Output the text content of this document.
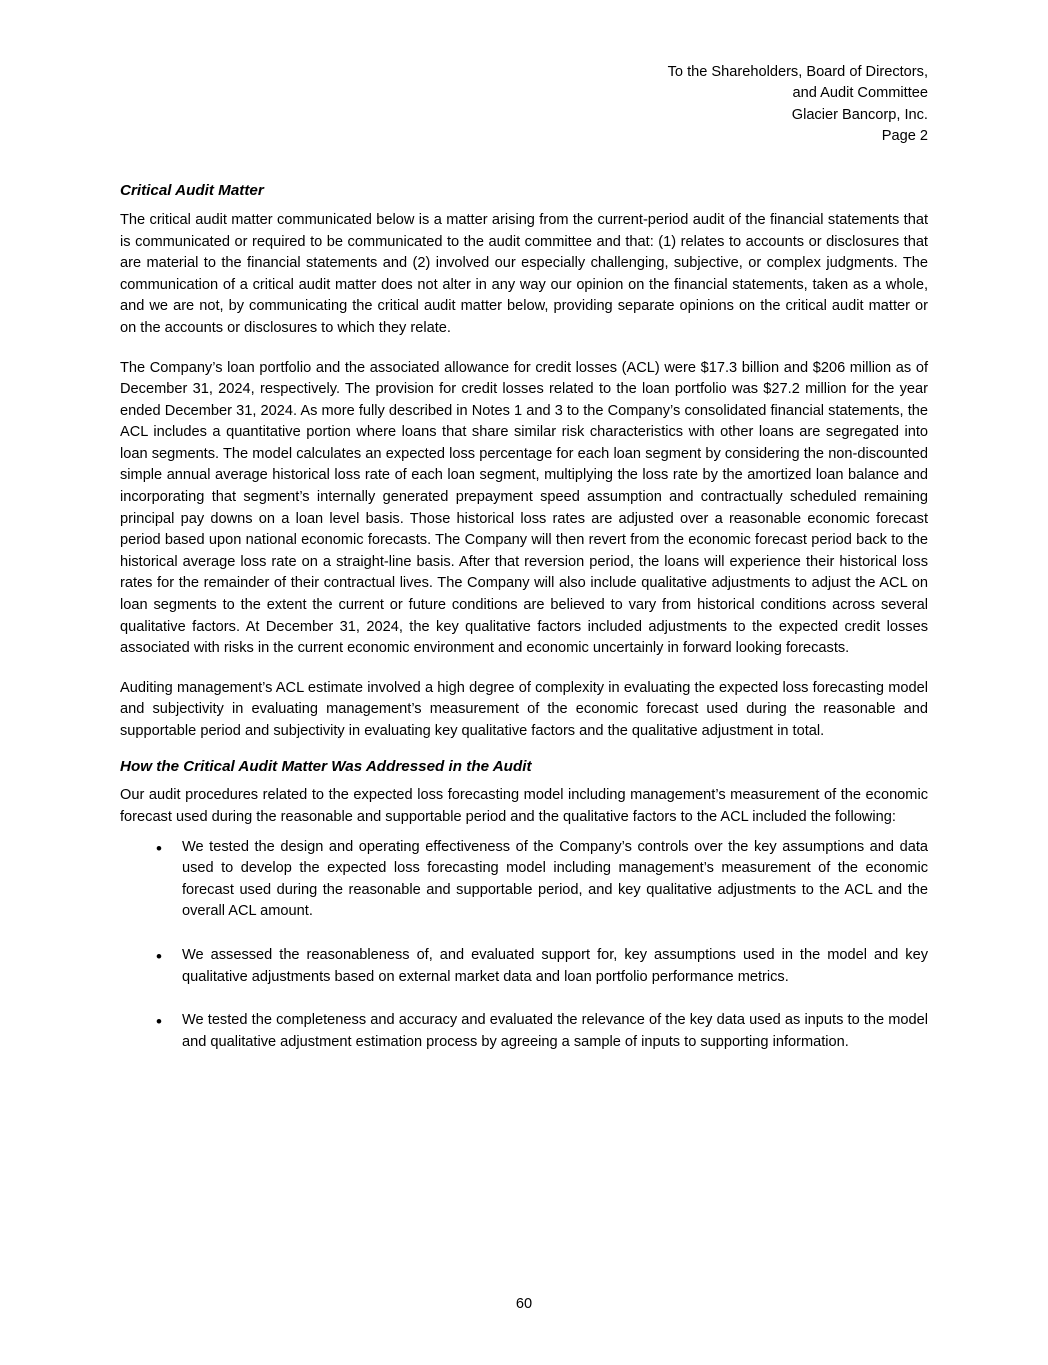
To the Shareholders, Board of Directors,
and Audit Committee
Glacier Bancorp, Inc.
Page 2
Critical Audit Matter

The critical audit matter communicated below is a matter arising from the current-period audit of the financial statements that is communicated or required to be communicated to the audit committee and that: (1) relates to accounts or disclosures that are material to the financial statements and (2) involved our especially challenging, subjective, or complex judgments. The communication of a critical audit matter does not alter in any way our opinion on the financial statements, taken as a whole, and we are not, by communicating the critical audit matter below, providing separate opinions on the critical audit matter or on the accounts or disclosures to which they relate.

The Company’s loan portfolio and the associated allowance for credit losses (ACL) were $17.3 billion and $206 million as of December 31, 2024, respectively. The provision for credit losses related to the loan portfolio was $27.2 million for the year ended December 31, 2024. As more fully described in Notes 1 and 3 to the Company’s consolidated financial statements, the ACL includes a quantitative portion where loans that share similar risk characteristics with other loans are segregated into loan segments. The model calculates an expected loss percentage for each loan segment by considering the non-discounted simple annual average historical loss rate of each loan segment, multiplying the loss rate by the amortized loan balance and incorporating that segment’s internally generated prepayment speed assumption and contractually scheduled remaining principal pay downs on a loan level basis. Those historical loss rates are adjusted over a reasonable economic forecast period based upon national economic forecasts. The Company will then revert from the economic forecast period back to the historical average loss rate on a straight-line basis. After that reversion period, the loans will experience their historical loss rates for the remainder of their contractual lives. The Company will also include qualitative adjustments to adjust the ACL on loan segments to the extent the current or future conditions are believed to vary from historical conditions across several qualitative factors. At December 31, 2024, the key qualitative factors included adjustments to the expected credit losses associated with risks in the current economic environment and economic uncertainly in forward looking forecasts.

Auditing management’s ACL estimate involved a high degree of complexity in evaluating the expected loss forecasting model and subjectivity in evaluating management’s measurement of the economic forecast used during the reasonable and supportable period and subjectivity in evaluating key qualitative factors and the qualitative adjustment in total.

How the Critical Audit Matter Was Addressed in the Audit

Our audit procedures related to the expected loss forecasting model including management’s measurement of the economic forecast used during the reasonable and supportable period and the qualitative factors to the ACL included the following:

• We tested the design and operating effectiveness of the Company’s controls over the key assumptions and data used to develop the expected loss forecasting model including management’s measurement of the economic forecast used during the reasonable and supportable period, and key qualitative adjustments to the ACL and the overall ACL amount.
• We assessed the reasonableness of, and evaluated support for, key assumptions used in the model and key qualitative adjustments based on external market data and loan portfolio performance metrics.
• We tested the completeness and accuracy and evaluated the relevance of the key data used as inputs to the model and qualitative adjustment estimation process by agreeing a sample of inputs to supporting information.
60
